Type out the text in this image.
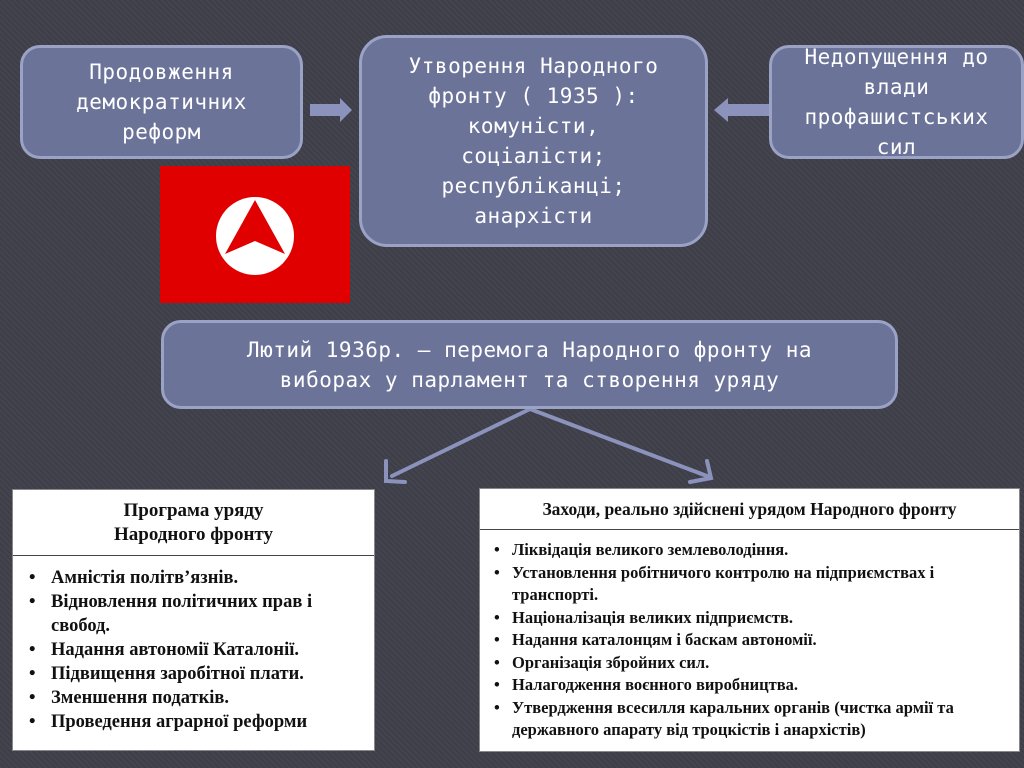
Продовження
демократичних
реформ
Утворення Народного
фронту ( 1935 ):
комуністи,
соціалісти;
республіканці;
анархісти
Недопущення до
влади
профашистських
сил
Лютий 1936р. – перемога Народного фронту на
виборах у парламент та створення уряду
Програма уряду
Народного фронту
• Амністія політв’язнів.
• Відновлення політичних прав і свобод.
• Надання автономії Каталонії.
• Підвищення заробітної плати.
• Зменшення податків.
• Проведення аграрної реформи
Заходи, реально здійснені урядом Народного фронту
• Ліквідація великого землеволодіння.
• Установлення робітничого контролю на підприємствах і транспорті.
• Націоналізація великих підприємств.
• Надання каталонцям і баскам автономії.
• Організація збройних сил.
• Налагодження воєнного виробництва.
• Утвердження всесилля каральних органів (чистка армії та державного апарату від троцкістів і анархістів)
